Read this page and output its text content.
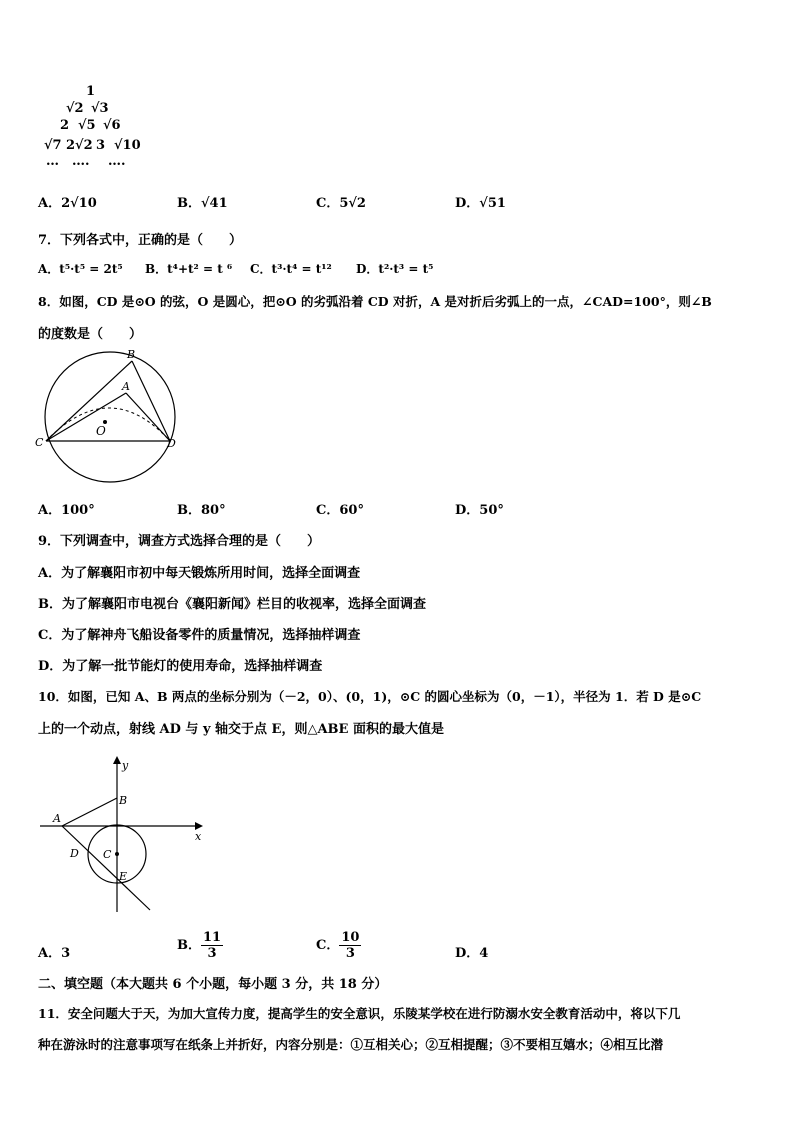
1
√2 √3
2 √5 √6
√7 2√2 3 √10
… …. ….
A．2√10	B．√41	C．5√2	D．√51
7．下列各式中，正确的是（　　）
A．t⁵·t⁵ = 2t⁵ B．t⁴+t² = t ⁶ C．t³·t⁴ = t¹² D．t²·t³ = t⁵
8．如图，CD 是⊙O 的弦，O 是圆心，把⊙O 的劣弧沿着 CD 对折，A 是对折后劣弧上的一点，∠CAD=100°，则∠B
的度数是（　　）
B
A
O
C	D
A．100°	B．80°	C．60°	D．50°
9．下列调查中，调查方式选择合理的是（　　）
A．为了解襄阳市初中每天锻炼所用时间，选择全面调查
B．为了解襄阳市电视台《襄阳新闻》栏目的收视率，选择全面调查
C．为了解神舟飞船设备零件的质量情况，选择抽样调查
D．为了解一批节能灯的使用寿命，选择抽样调查
10．如图，已知 A、B 两点的坐标分别为（－2，0）、(0，1)，⊙C 的圆心坐标为（0，－1），半径为 1．若 D 是⊙C
上的一个动点，射线 AD 与 y 轴交于点 E，则△ABE 面积的最大值是
y
x
A
B
C
D
E
A．3
B． $\frac{11}{3}$	C． $\frac{10}{3}$	D．4
二、填空题（本大题共 6 个小题，每小题 3 分，共 18 分）
11．安全问题大于天，为加大宣传力度，提高学生的安全意识，乐陵某学校在进行防溺水安全教育活动中，将以下几
种在游泳时的注意事项写在纸条上并折好，内容分别是：①互相关心；②互相提醒；③不要相互嬉水；④相互比潜
